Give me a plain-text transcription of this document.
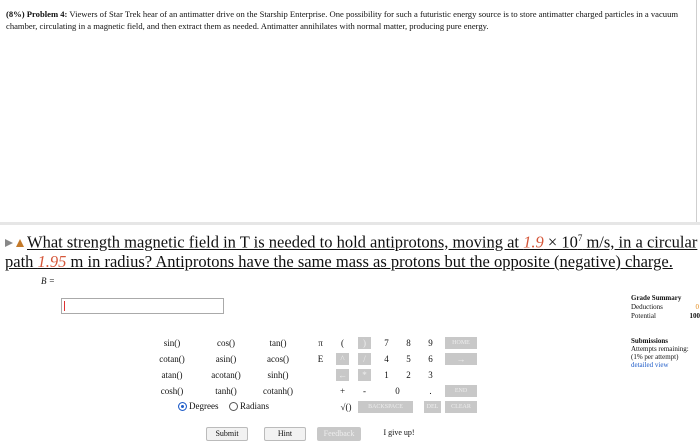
(8%) Problem 4: Viewers of Star Trek hear of an antimatter drive on the Starship Enterprise. One possibility for such a futuristic energy source is to store antimatter charged particles in a vacuum chamber, circulating in a magnetic field, and then extract them as needed. Antimatter annihilates with normal matter, producing pure energy.
What strength magnetic field in T is needed to hold antiprotons, moving at $1.9 \times 10^7$ m/s, in a circular path 1.95 m in radius? Antiprotons have the same mass as protons but the opposite (negative) charge.
B =
sin()	cos()	tan()
cotan()	asin()	acos()
atan()	acotan()	sinh()
cosh()	tanh()	cotanh()
π	(	)
E	^	/
←	*
+	-
√()
7	8	9
4	5	6
1	2	3
0	.
HOME
→
END
BACKSPACE	DEL	CLEAR
Degrees	Radians
Submit	Hint	Feedback	I give up!
Grade Summary
Deductions	0
Potential	100
Submissions
Attempts remaining:
(1% per attempt)
detailed view
